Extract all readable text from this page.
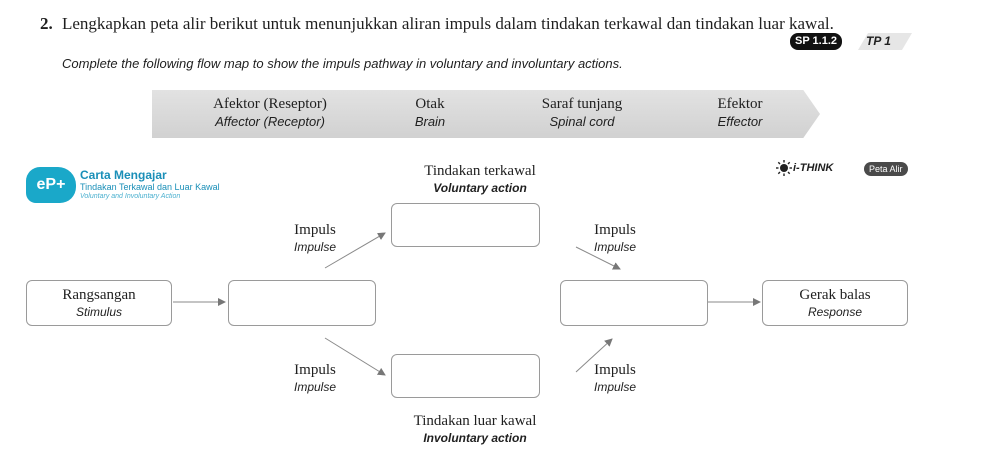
2. Lengkapkan peta alir berikut untuk menunjukkan aliran impuls dalam tindakan terkawal dan tindakan luar kawal.
SP 1.1.2	TP 1
Complete the following flow map to show the impuls pathway in voluntary and involuntary actions.
Afektor (Reseptor)
Affector (Receptor)
Otak
Brain
Saraf tunjang
Spinal cord
Efektor
Effector
eP+
Carta Mengajar
Tindakan Terkawal dan Luar Kawal
Voluntary and Involuntary Action
i-THINK	Peta Alir
Tindakan terkawal
Voluntary action
Tindakan luar kawal
Involuntary action
Rangsangan
Stimulus
Gerak balas
Response
Impuls
Impulse
Impuls
Impulse
Impuls
Impulse
Impuls
Impulse
